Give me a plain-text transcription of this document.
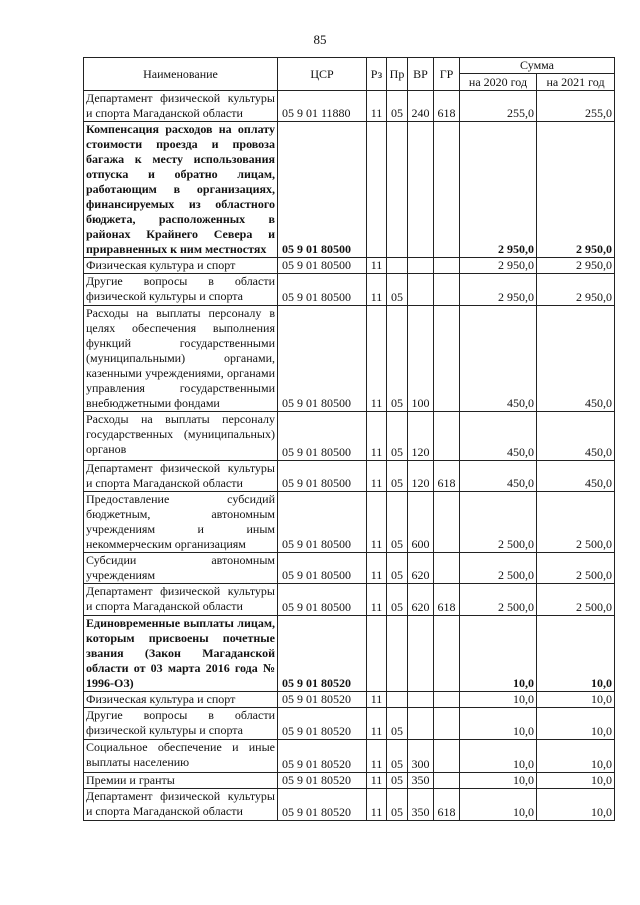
85
Наименование	ЦСР	Рз	Пр	ВР	ГР	Сумма	
						на 2020 год	на 2021 год
Департамент физической культуры и спорта Магаданской области	05 9 01 11880	11	05	240	618	255,0	255,0
Компенсация расходов на оплату стоимости проезда и провоза багажа к месту использования отпуска и обратно лицам, работающим в организациях, финансируемых из областного бюджета, расположенных в районах Крайнего Севера и приравненных к ним местностях	05 9 01 80500					2 950,0	2 950,0
Физическая культура и спорт	05 9 01 80500	11				2 950,0	2 950,0
Другие вопросы в области физической культуры и спорта	05 9 01 80500	11	05			2 950,0	2 950,0
Расходы на выплаты персоналу в целях обеспечения выполнения функций государственными (муниципальными) органами, казенными учреждениями, органами управления государственными внебюджетными фондами	05 9 01 80500	11	05	100		450,0	450,0
Расходы на выплаты персоналу государственных (муниципальных) органов	05 9 01 80500	11	05	120		450,0	450,0
Департамент физической культуры и спорта Магаданской области	05 9 01 80500	11	05	120	618	450,0	450,0
Предоставление субсидий бюджетным, автономным учреждениям и иным некоммерческим организациям	05 9 01 80500	11	05	600		2 500,0	2 500,0
Субсидии автономным учреждениям	05 9 01 80500	11	05	620		2 500,0	2 500,0
Департамент физической культуры и спорта Магаданской области	05 9 01 80500	11	05	620	618	2 500,0	2 500,0
Единовременные выплаты лицам, которым присвоены почетные звания (Закон Магаданской области от 03 марта 2016 года № 1996-ОЗ)	05 9 01 80520					10,0	10,0
Физическая культура и спорт	05 9 01 80520	11				10,0	10,0
Другие вопросы в области физической культуры и спорта	05 9 01 80520	11	05			10,0	10,0
Социальное обеспечение и иные выплаты населению	05 9 01 80520	11	05	300		10,0	10,0
Премии и гранты	05 9 01 80520	11	05	350		10,0	10,0
Департамент физической культуры и спорта Магаданской области	05 9 01 80520	11	05	350	618	10,0	10,0
